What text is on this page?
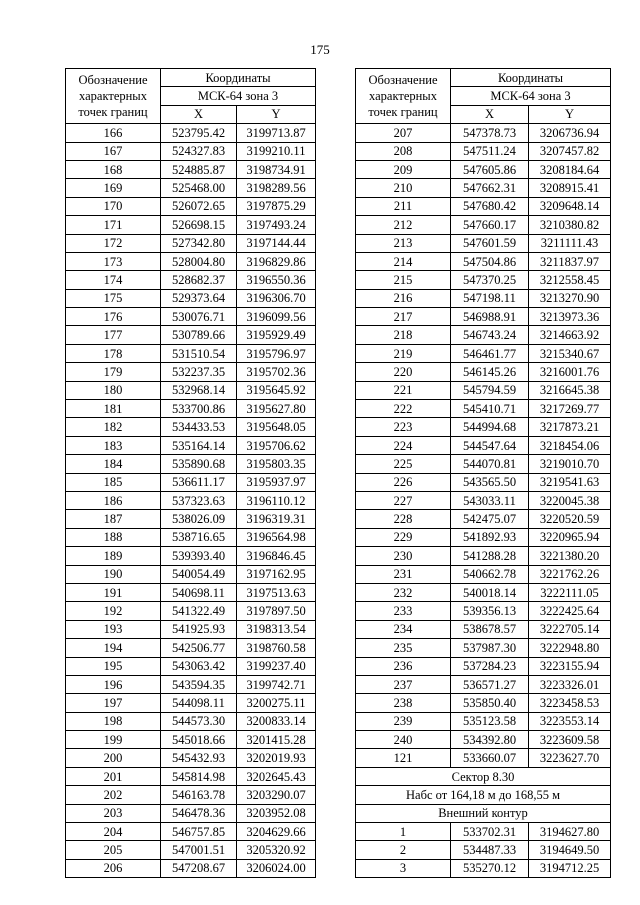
175
Обозначение
характерных
точек границ	Координаты	

	МСК-64 зона 3	
	X	Y
166	523795.42	3199713.87
167	524327.83	3199210.11
168	524885.87	3198734.91
169	525468.00	3198289.56
170	526072.65	3197875.29
171	526698.15	3197493.24
172	527342.80	3197144.44
173	528004.80	3196829.86
174	528682.37	3196550.36
175	529373.64	3196306.70
176	530076.71	3196099.56
177	530789.66	3195929.49
178	531510.54	3195796.97
179	532237.35	3195702.36
180	532968.14	3195645.92
181	533700.86	3195627.80
182	534433.53	3195648.05
183	535164.14	3195706.62
184	535890.68	3195803.35
185	536611.17	3195937.97
186	537323.63	3196110.12
187	538026.09	3196319.31
188	538716.65	3196564.98
189	539393.40	3196846.45
190	540054.49	3197162.95
191	540698.11	3197513.63
192	541322.49	3197897.50
193	541925.93	3198313.54
194	542506.77	3198760.58
195	543063.42	3199237.40
196	543594.35	3199742.71
197	544098.11	3200275.11
198	544573.30	3200833.14
199	545018.66	3201415.28
200	545432.93	3202019.93
201	545814.98	3202645.43
202	546163.78	3203290.07
203	546478.36	3203952.08
204	546757.85	3204629.66
205	547001.51	3205320.92
206	547208.67	3206024.00
Обозначение
характерных
точек границ	Координаты	

	МСК-64 зона 3	
	X	Y
207	547378.73	3206736.94
208	547511.24	3207457.82
209	547605.86	3208184.64
210	547662.31	3208915.41
211	547680.42	3209648.14
212	547660.17	3210380.82
213	547601.59	3211111.43
214	547504.86	3211837.97
215	547370.25	3212558.45
216	547198.11	3213270.90
217	546988.91	3213973.36
218	546743.24	3214663.92
219	546461.77	3215340.67
220	546145.26	3216001.76
221	545794.59	3216645.38
222	545410.71	3217269.77
223	544994.68	3217873.21
224	544547.64	3218454.06
225	544070.81	3219010.70
226	543565.50	3219541.63
227	543033.11	3220045.38
228	542475.07	3220520.59
229	541892.93	3220965.94
230	541288.28	3221380.20
231	540662.78	3221762.26
232	540018.14	3222111.05
233	539356.13	3222425.64
234	538678.57	3222705.14
235	537987.30	3222948.80
236	537284.23	3223155.94
237	536571.27	3223326.01
238	535850.40	3223458.53
239	535123.58	3223553.14
240	534392.80	3223609.58
121	533660.07	3223627.70
Сектор 8.30		
Набс от 164,18 м до 168,55 м		
Внешний контур		
1	533702.31	3194627.80
2	534487.33	3194649.50
3	535270.12	3194712.25
